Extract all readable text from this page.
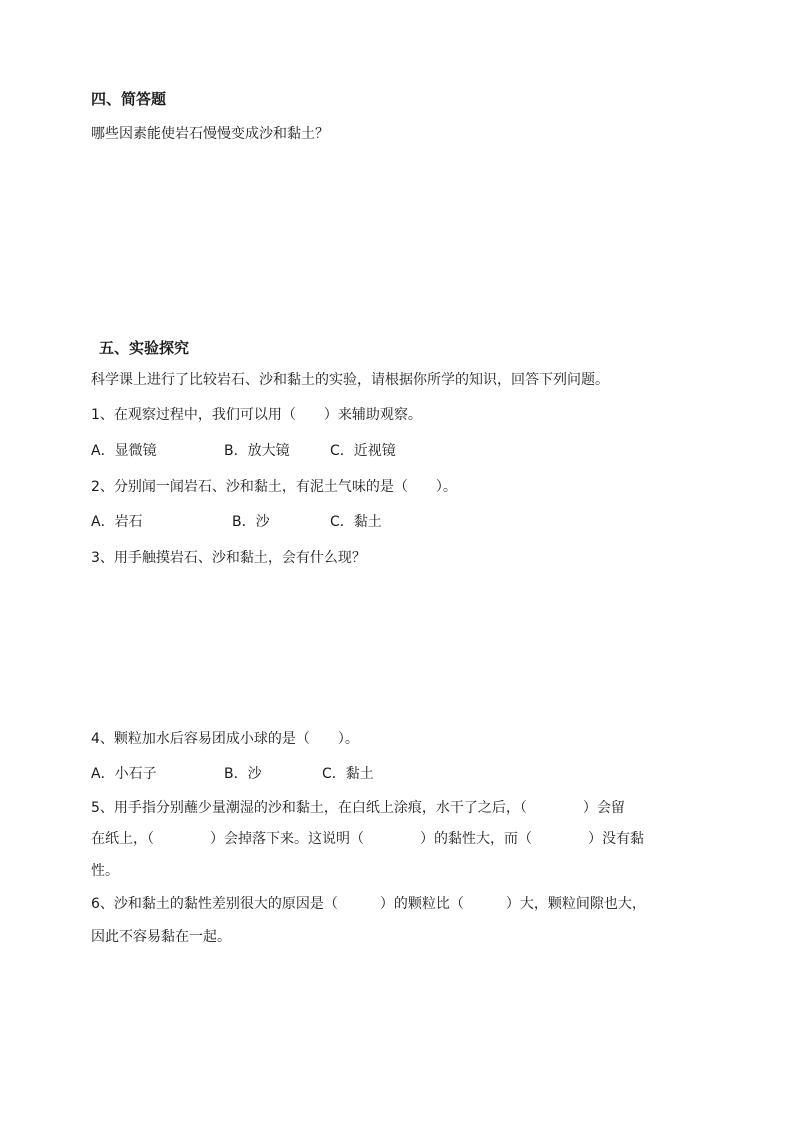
四、简答题
哪些因素能使岩石慢慢变成沙和黏土？
五、实验探究
科学课上进行了比较岩石、沙和黏土的实验，请根据你所学的知识，回答下列问题。
1、在观察过程中，我们可以用（　　）来辅助观察。
A．显微镜	B．放大镜	C．近视镜
2、分别闻一闻岩石、沙和黏土，有泥土气味的是（　　）。
A．岩石	B．沙	C．黏土
3、用手触摸岩石、沙和黏土，会有什么现？
4、颗粒加水后容易团成小球的是（　　）。
A．小石子	B．沙	C．黏土
5、用手指分别蘸少量潮湿的沙和黏土，在白纸上涂痕，水干了之后，（　　　　）会留
在纸上，（　　　　）会掉落下来。这说明（　　　　）的黏性大，而（　　　　）没有黏
性。
6、沙和黏土的黏性差别很大的原因是（　　　）的颗粒比（　　　）大，颗粒间隙也大，
因此不容易黏在一起。
